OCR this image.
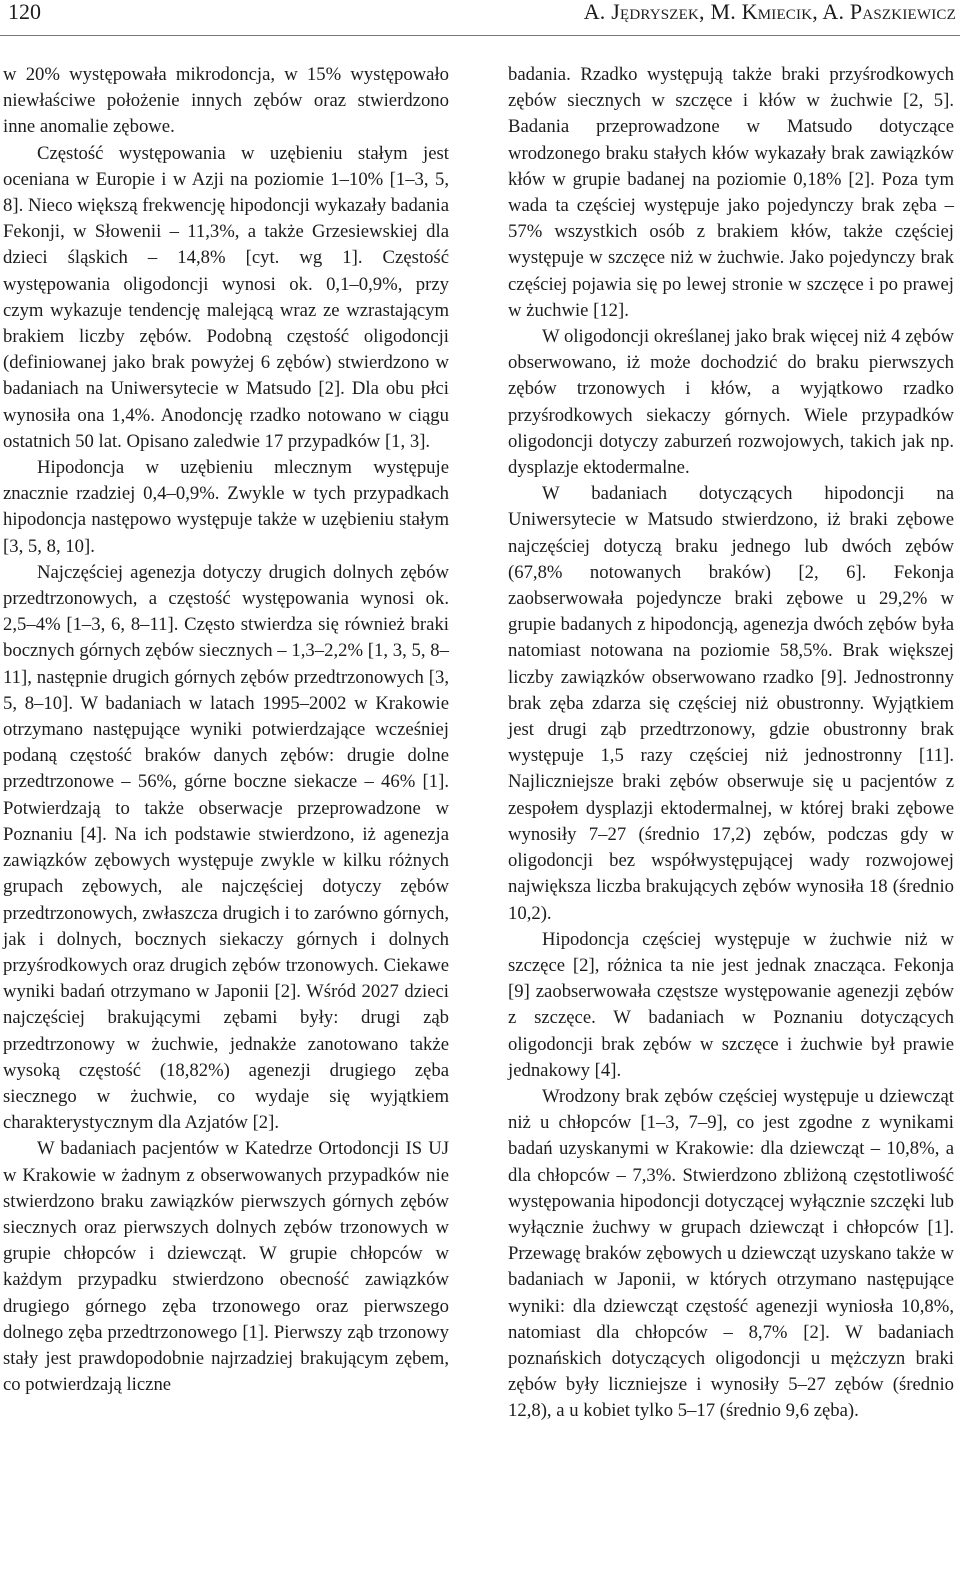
120	A. Jędryszek, M. Kmiecik, A. Paszkiewicz

w 20% występowała mikrodoncja, w 15% występowało niewłaściwe położenie innych zębów oraz stwierdzono inne anomalie zębowe.

Częstość występowania w uzębieniu stałym jest oceniana w Europie i w Azji na poziomie 1–10% [1–3, 5, 8]. Nieco większą frekwencję hipodoncji wykazały badania Fekonji, w Słowenii – 11,3%, a także Grzesiewskiej dla dzieci śląskich – 14,8% [cyt. wg 1]. Częstość występowania oligodoncji wynosi ok. 0,1–0,9%, przy czym wykazuje tendencję malejącą wraz ze wzrastającym brakiem liczby zębów. Podobną częstość oligodoncji (definiowanej jako brak powyżej 6 zębów) stwierdzono w badaniach na Uniwersytecie w Matsudo [2]. Dla obu płci wynosiła ona 1,4%. Anodoncję rzadko notowano w ciągu ostatnich 50 lat. Opisano zaledwie 17 przypadków [1, 3].

Hipodoncja w uzębieniu mlecznym występuje znacznie rzadziej 0,4–0,9%. Zwykle w tych przypadkach hipodoncja następowo występuje także w uzębieniu stałym [3, 5, 8, 10].

Najczęściej agenezja dotyczy drugich dolnych zębów przedtrzonowych, a częstość występowania wynosi ok. 2,5–4% [1–3, 6, 8–11]. Często stwierdza się również braki bocznych górnych zębów siecznych – 1,3–2,2% [1, 3, 5, 8–11], następnie drugich górnych zębów przedtrzonowych [3, 5, 8–10]. W badaniach w latach 1995–2002 w Krakowie otrzymano następujące wyniki potwierdzające wcześniej podaną częstość braków danych zębów: drugie dolne przedtrzonowe – 56%, górne boczne siekacze – 46% [1]. Potwierdzają to także obserwacje przeprowadzone w Poznaniu [4]. Na ich podstawie stwierdzono, iż agenezja zawiązków zębowych występuje zwykle w kilku różnych grupach zębowych, ale najczęściej dotyczy zębów przedtrzonowych, zwłaszcza drugich i to zarówno górnych, jak i dolnych, bocznych siekaczy górnych i dolnych przyśrodkowych oraz drugich zębów trzonowych. Ciekawe wyniki badań otrzymano w Japonii [2]. Wśród 2027 dzieci najczęściej brakującymi zębami były: drugi ząb przedtrzonowy w żuchwie, jednakże zanotowano także wysoką częstość (18,82%) agenezji drugiego zęba siecznego w żuchwie, co wydaje się wyjątkiem charakterystycznym dla Azjatów [2].

W badaniach pacjentów w Katedrze Ortodoncji IS UJ w Krakowie w żadnym z obserwowanych przypadków nie stwierdzono braku zawiązków pierwszych górnych zębów siecznych oraz pierwszych dolnych zębów trzonowych w grupie chłopców i dziewcząt. W grupie chłopców w każdym przypadku stwierdzono obecność zawiązków drugiego górnego zęba trzonowego oraz pierwszego dolnego zęba przedtrzonowego [1]. Pierwszy ząb trzonowy stały jest prawdopodobnie najrzadziej brakującym zębem, co potwierdzają liczne

badania. Rzadko występują także braki przyśrodkowych zębów siecznych w szczęce i kłów w żuchwie [2, 5]. Badania przeprowadzone w Matsudo dotyczące wrodzonego braku stałych kłów wykazały brak zawiązków kłów w grupie badanej na poziomie 0,18% [2]. Poza tym wada ta częściej występuje jako pojedynczy brak zęba – 57% wszystkich osób z brakiem kłów, także częściej występuje w szczęce niż w żuchwie. Jako pojedynczy brak częściej pojawia się po lewej stronie w szczęce i po prawej w żuchwie [12].

W oligodoncji określanej jako brak więcej niż 4 zębów obserwowano, iż może dochodzić do braku pierwszych zębów trzonowych i kłów, a wyjątkowo rzadko przyśrodkowych siekaczy górnych. Wiele przypadków oligodoncji dotyczy zaburzeń rozwojowych, takich jak np. dysplazje ektodermalne.

W badaniach dotyczących hipodoncji na Uniwersytecie w Matsudo stwierdzono, iż braki zębowe najczęściej dotyczą braku jednego lub dwóch zębów (67,8% notowanych braków) [2, 6]. Fekonja zaobserwowała pojedyncze braki zębowe u 29,2% w grupie badanych z hipodoncją, agenezja dwóch zębów była natomiast notowana na poziomie 58,5%. Brak większej liczby zawiązków obserwowano rzadko [9]. Jednostronny brak zęba zdarza się częściej niż obustronny. Wyjątkiem jest drugi ząb przedtrzonowy, gdzie obustronny brak występuje 1,5 razy częściej niż jednostronny [11]. Najliczniejsze braki zębów obserwuje się u pacjentów z zespołem dysplazji ektodermalnej, w której braki zębowe wynosiły 7–27 (średnio 17,2) zębów, podczas gdy w oligodoncji bez współwystępującej wady rozwojowej największa liczba brakujących zębów wynosiła 18 (średnio 10,2).

Hipodoncja częściej występuje w żuchwie niż w szczęce [2], różnica ta nie jest jednak znacząca. Fekonja [9] zaobserwowała częstsze występowanie agenezji zębów z szczęce. W badaniach w Poznaniu dotyczących oligodoncji brak zębów w szczęce i żuchwie był prawie jednakowy [4].

Wrodzony brak zębów częściej występuje u dziewcząt niż u chłopców [1–3, 7–9], co jest zgodne z wynikami badań uzyskanymi w Krakowie: dla dziewcząt – 10,8%, a dla chłopców – 7,3%. Stwierdzono zbliżoną częstotliwość występowania hipodoncji dotyczącej wyłącznie szczęki lub wyłącznie żuchwy w grupach dziewcząt i chłopców [1]. Przewagę braków zębowych u dziewcząt uzyskano także w badaniach w Japonii, w których otrzymano następujące wyniki: dla dziewcząt częstość agenezji wyniosła 10,8%, natomiast dla chłopców – 8,7% [2]. W badaniach poznańskich dotyczących oligodoncji u mężczyzn braki zębów były liczniejsze i wynosiły 5–27 zębów (średnio 12,8), a u kobiet tylko 5–17 (średnio 9,6 zęba).
